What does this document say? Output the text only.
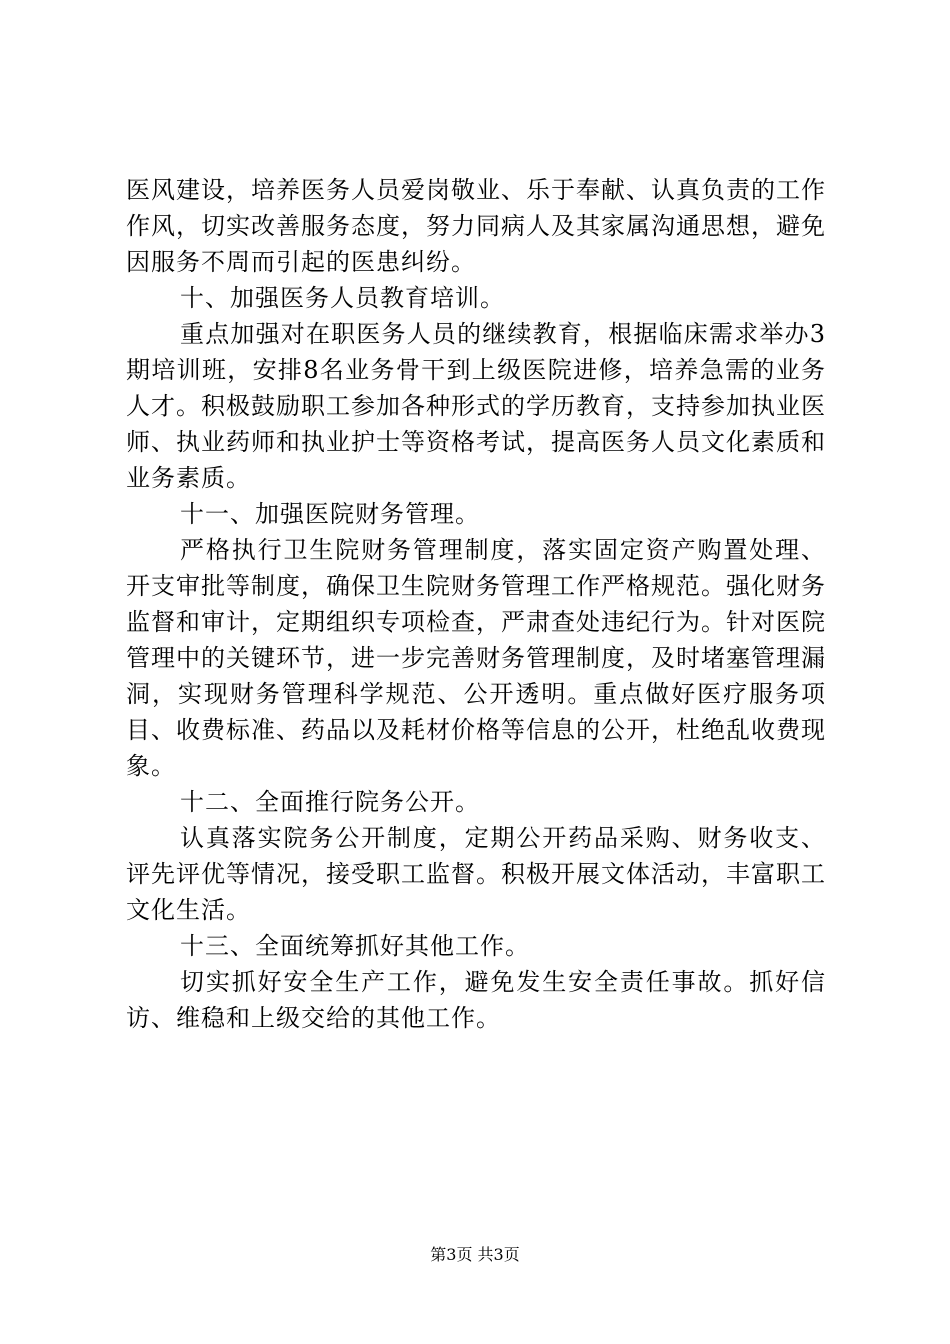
医风建设，培养医务人员爱岗敬业、乐于奉献、认真负责的工作作风，切实改善服务态度，努力同病人及其家属沟通思想，避免因服务不周而引起的医患纠纷。

十、加强医务人员教育培训。

重点加强对在职医务人员的继续教育，根据临床需求举办3期培训班，安排8名业务骨干到上级医院进修，培养急需的业务人才。积极鼓励职工参加各种形式的学历教育，支持参加执业医师、执业药师和执业护士等资格考试，提高医务人员文化素质和业务素质。

十一、加强医院财务管理。

严格执行卫生院财务管理制度，落实固定资产购置处理、开支审批等制度，确保卫生院财务管理工作严格规范。强化财务监督和审计，定期组织专项检查，严肃查处违纪行为。针对医院管理中的关键环节，进一步完善财务管理制度，及时堵塞管理漏洞，实现财务管理科学规范、公开透明。重点做好医疗服务项目、收费标准、药品以及耗材价格等信息的公开，杜绝乱收费现象。

十二、全面推行院务公开。

认真落实院务公开制度，定期公开药品采购、财务收支、评先评优等情况，接受职工监督。积极开展文体活动，丰富职工文化生活。

十三、全面统筹抓好其他工作。

切实抓好安全生产工作，避免发生安全责任事故。抓好信访、维稳和上级交给的其他工作。

第3页 共3页
